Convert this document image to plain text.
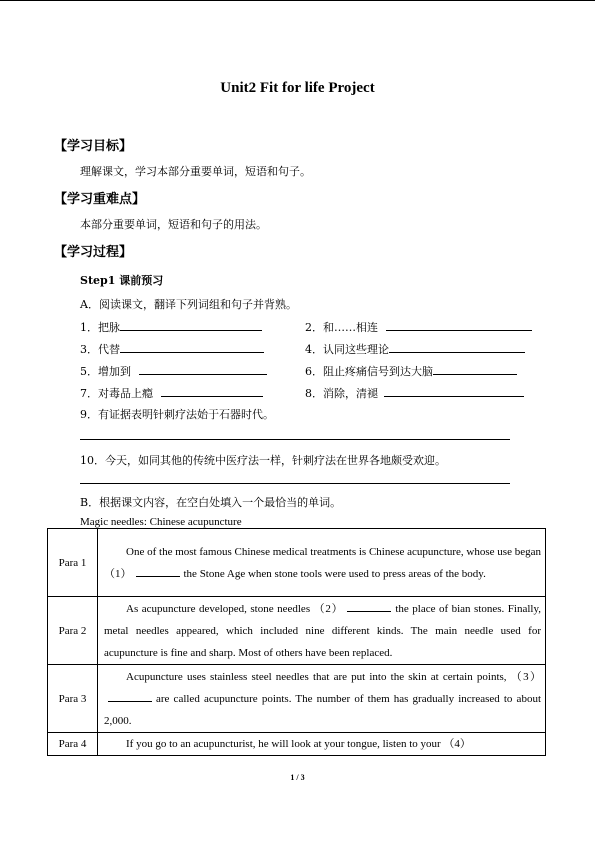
Unit2 Fit for life Project
【学习目标】
理解课文，学习本部分重要单词，短语和句子。
【学习重难点】
本部分重要单词，短语和句子的用法。
【学习过程】
Step1 课前预习
A．阅读课文，翻译下列词组和句子并背熟。
1．把脉	2．和……相连
3．代替	4．认同这些理论
5．增加到	6．阻止疼痛信号到达大脑
7．对毒品上瘾	8．消除，清褪
9．有证据表明针刺疗法始于石器时代。
10．今天，如同其他的传统中医疗法一样，针刺疗法在世界各地颇受欢迎。
B．根据课文内容，在空白处填入一个最恰当的单词。
Magic needles: Chinese acupuncture
Para 1	One of the most famous Chinese medical treatments is Chinese acupuncture, whose use began （1） the Stone Age when stone tools were used to press areas of the body.
Para 2	As acupuncture developed, stone needles （2） the place of bian stones. Finally, metal needles appeared, which included nine different kinds. The main needle used for acupuncture is fine and sharp. Most of others have been replaced.
Para 3	Acupuncture uses stainless steel needles that are put into the skin at certain points, （3）are called acupuncture points. The number of them has gradually increased to about 2,000.
Para 4	If you go to an acupuncturist, he will look at your tongue, listen to your （4）
1 / 3
